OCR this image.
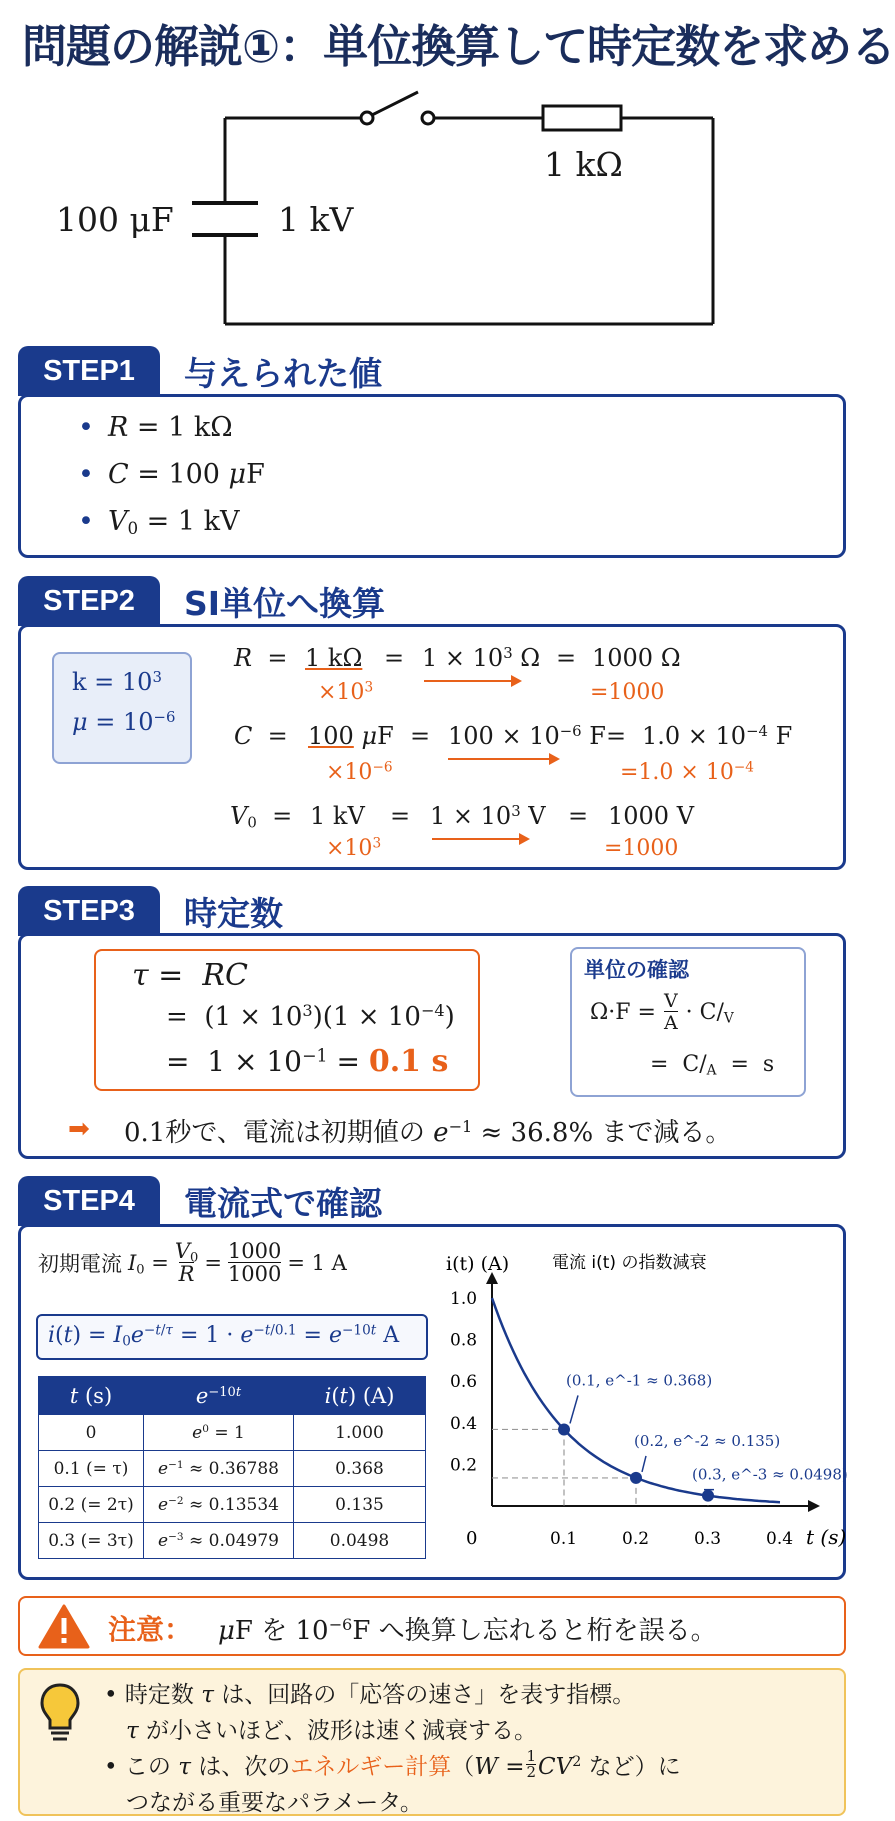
問題の解説①：単位換算して時定数を求める
1 kΩ
100 μF	1 kV
STEP1	与えられた値
• R = 1 kΩ
• C = 100 μF
• $V_0 = 1$ kV
STEP2	SI単位へ換算
$k = 10^3$
$\mu = 10^{-6}$
R  = 1 $k\Omega = 1 \times 10^3$ Ω = 1000 Ω
$\times 10^3$	=1000
C  = 100 $\mu F = 100 \times 10^{-6}$ $F = 1.0 \times 10^{-4}$ F
$\times 10^{-6}$	$=1.0 \times 10^{-4}$
$V_0 = 1$ kV = $1 \times 10^3$ V = 1000 V
$\times 10^3$	=1000
STEP3	時定数
τ =  RC
=  $(1 \times 10^3)(1 \times 10^{-4})$
=  $1 \times 10^{-1} = 0.1$ s
単位の確認
$\Omega\cdot F = \frac{V}{A} \cdot C/_V$
=  $C/_A = s$
➡ 0.1秒で、電流は初期値の $e^{-1} \approx 36.8\%$ まで減る。
STEP4	電流式で確認
初期電流 $I_0 = \frac{V_0}{R} = \frac{1000}{1000} = 1$ A
$i(t) = I_0e^{-t/\tau} = 1 \cdot e^{-t/0.1} = e^{-10t}$ A
t (s)	$e^{-10t}$	i(t) (A)
0	$e^0 = 1$	1.000
0.1 (= τ)	$e^{-1} \approx 0.36788$	0.368
0.2 (= 2τ)	$e^{-2} \approx 0.13534$	0.135
0.3 (= 3τ)	$e^{-3} \approx 0.04979$	0.0498
i(t) (A)	電流 i(t) の指数減衰
t (s)
0
0.2
0.4
0.6
0.8
1.0
0.1	0.2	0.3	0.4
(0.1, e^-1 ≈ 0.368)
(0.2, e^-2 ≈ 0.135)
(0.3, e^-3 ≈ 0.0498)
注意： μF を $10^{-6}F$ へ換算し忘れると桁を誤る。
• 時定数 τ は、回路の「応答の速さ」を表す指標。
τ が小さいほど、波形は速く減衰する。
• この τ は、次の エネルギー計算 （$W = \frac{1}{2} CV^2$ など）に
つながる重要なパラメータ。
